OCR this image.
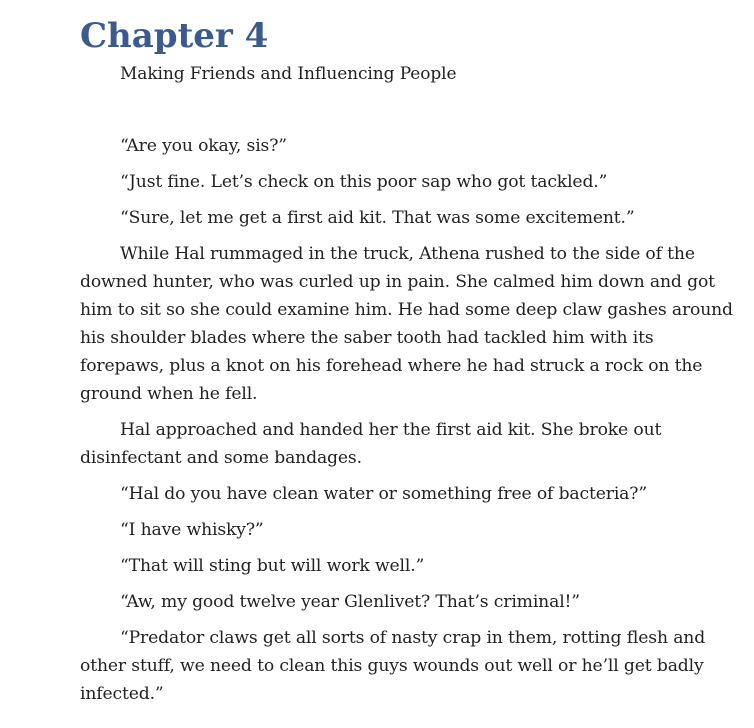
Chapter 4
Making Friends and Influencing People

“Are you okay, sis?”

“Just fine. Let’s check on this poor sap who got tackled.”

“Sure, let me get a first aid kit. That was some excitement.”

While Hal rummaged in the truck, Athena rushed to the side of the downed hunter, who was curled up in pain. She calmed him down and got him to sit so she could examine him. He had some deep claw gashes around his shoulder blades where the saber tooth had tackled him with its forepaws, plus a knot on his forehead where he had struck a rock on the ground when he fell.

Hal approached and handed her the first aid kit. She broke out disinfectant and some bandages.

“Hal do you have clean water or something free of bacteria?”

“I have whisky?”

“That will sting but will work well.”

“Aw, my good twelve year Glenlivet? That’s criminal!”

“Predator claws get all sorts of nasty crap in them, rotting flesh and other stuff, we need to clean this guys wounds out well or he’ll get badly infected.”
